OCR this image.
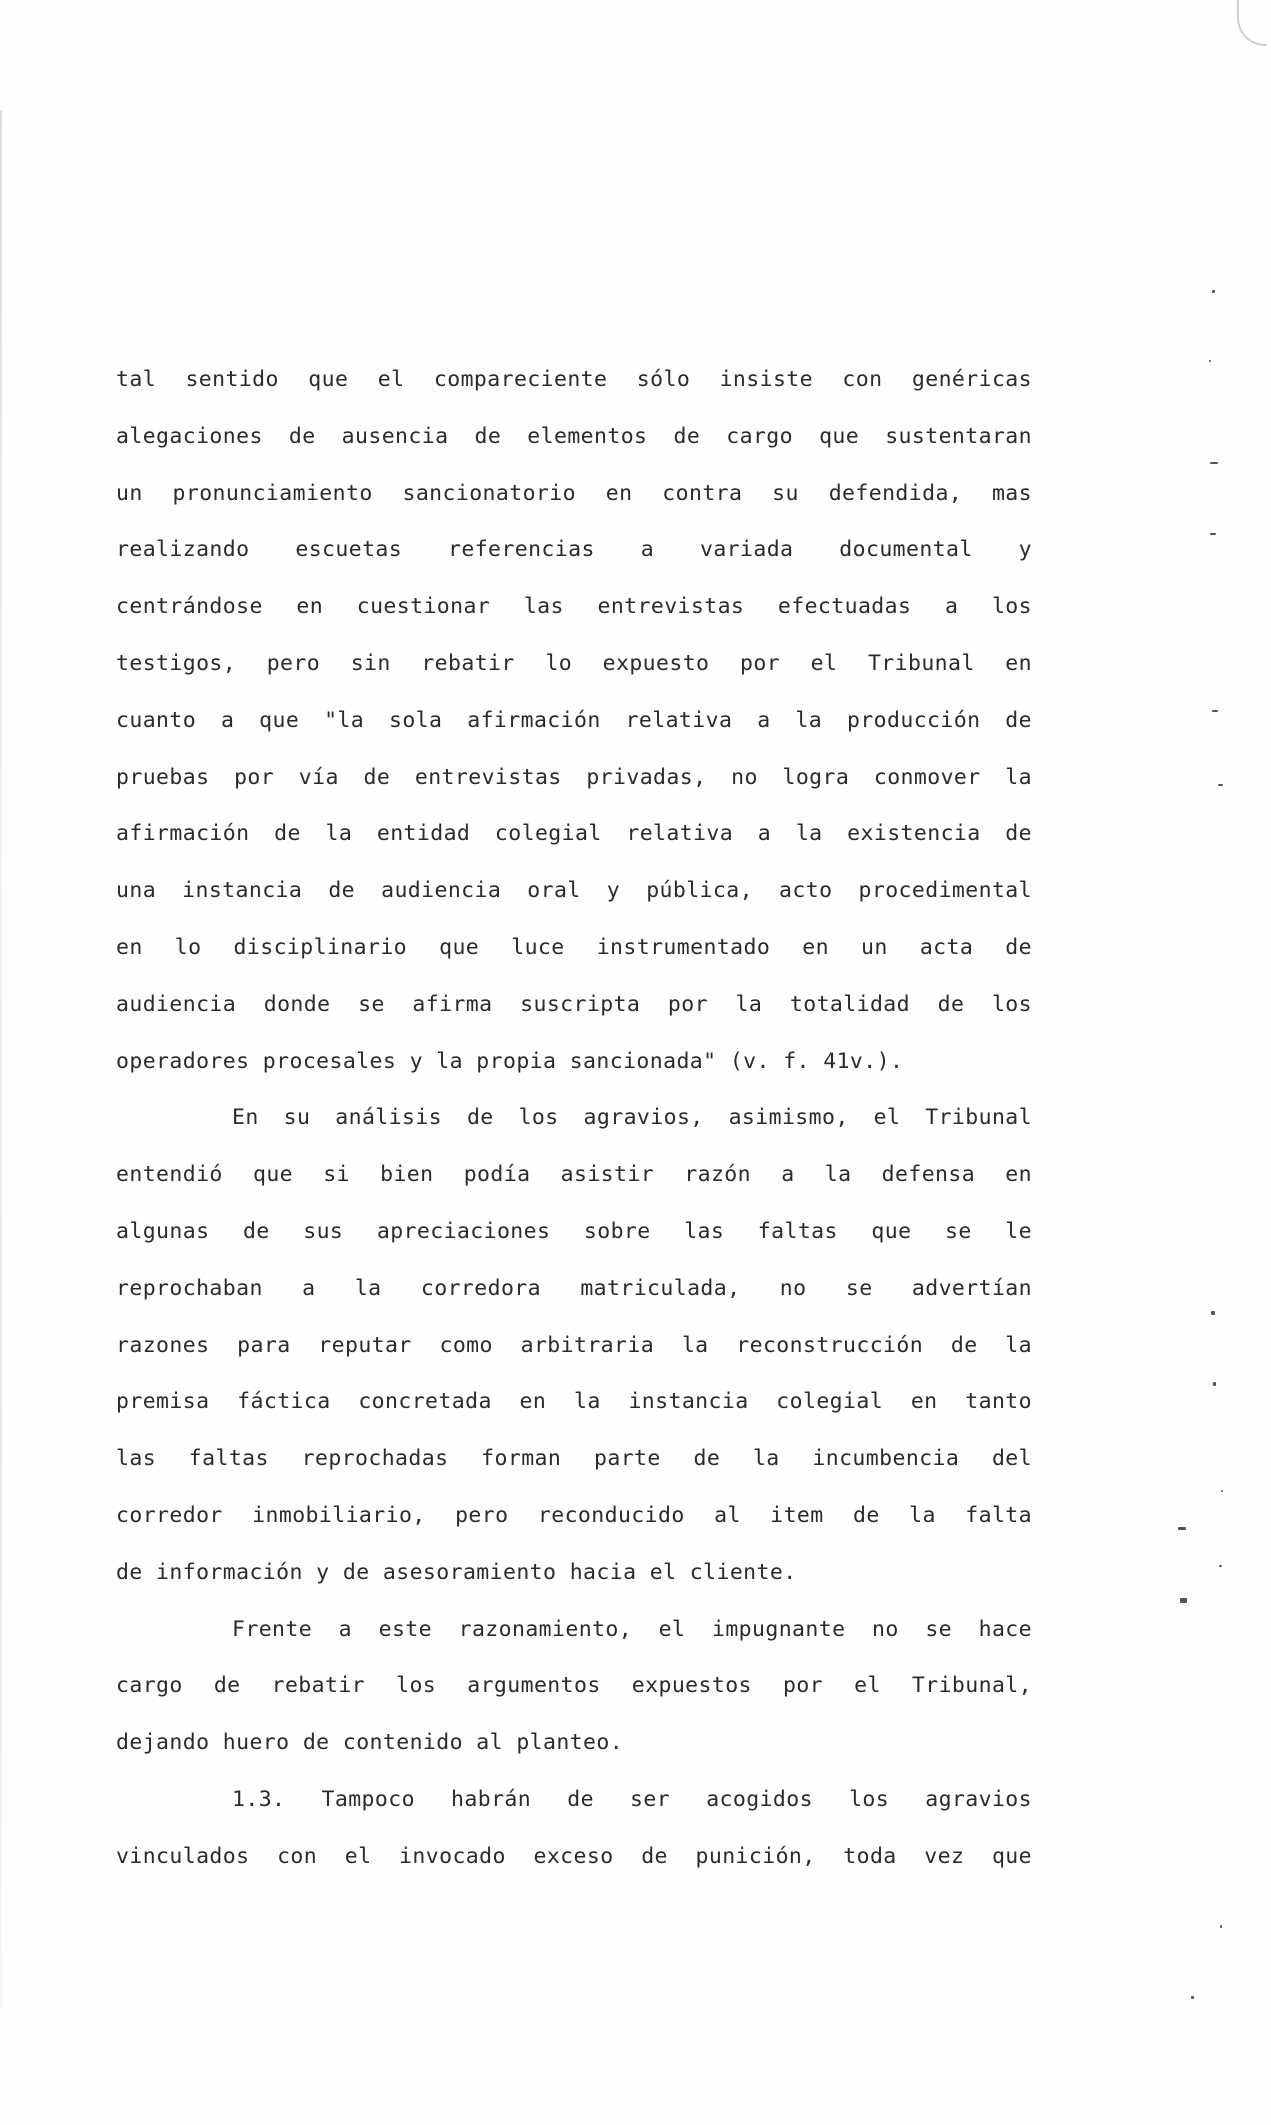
tal sentido que el compareciente sólo insiste con genéricas
alegaciones de ausencia de elementos de cargo que sustentaran
un pronunciamiento sancionatorio en contra su defendida, mas
realizando escuetas referencias a variada documental y
centrándose en cuestionar las entrevistas efectuadas a los
testigos, pero sin rebatir lo expuesto por el Tribunal en
cuanto a que "la sola afirmación relativa a la producción de
pruebas por vía de entrevistas privadas, no logra conmover la
afirmación de la entidad colegial relativa a la existencia de
una instancia de audiencia oral y pública, acto procedimental
en lo disciplinario que luce instrumentado en un acta de
audiencia donde se afirma suscripta por la totalidad de los
operadores procesales y la propia sancionada" (v. f. 41v.).
En su análisis de los agravios, asimismo, el Tribunal
entendió que si bien podía asistir razón a la defensa en
algunas de sus apreciaciones sobre las faltas que se le
reprochaban a la corredora matriculada, no se advertían
razones para reputar como arbitraria la reconstrucción de la
premisa fáctica concretada en la instancia colegial en tanto
las faltas reprochadas forman parte de la incumbencia del
corredor inmobiliario, pero reconducido al item de la falta
de información y de asesoramiento hacia el cliente.
Frente a este razonamiento, el impugnante no se hace
cargo de rebatir los argumentos expuestos por el Tribunal,
dejando huero de contenido al planteo.
1.3. Tampoco habrán de ser acogidos los agravios
vinculados con el invocado exceso de punición, toda vez que
